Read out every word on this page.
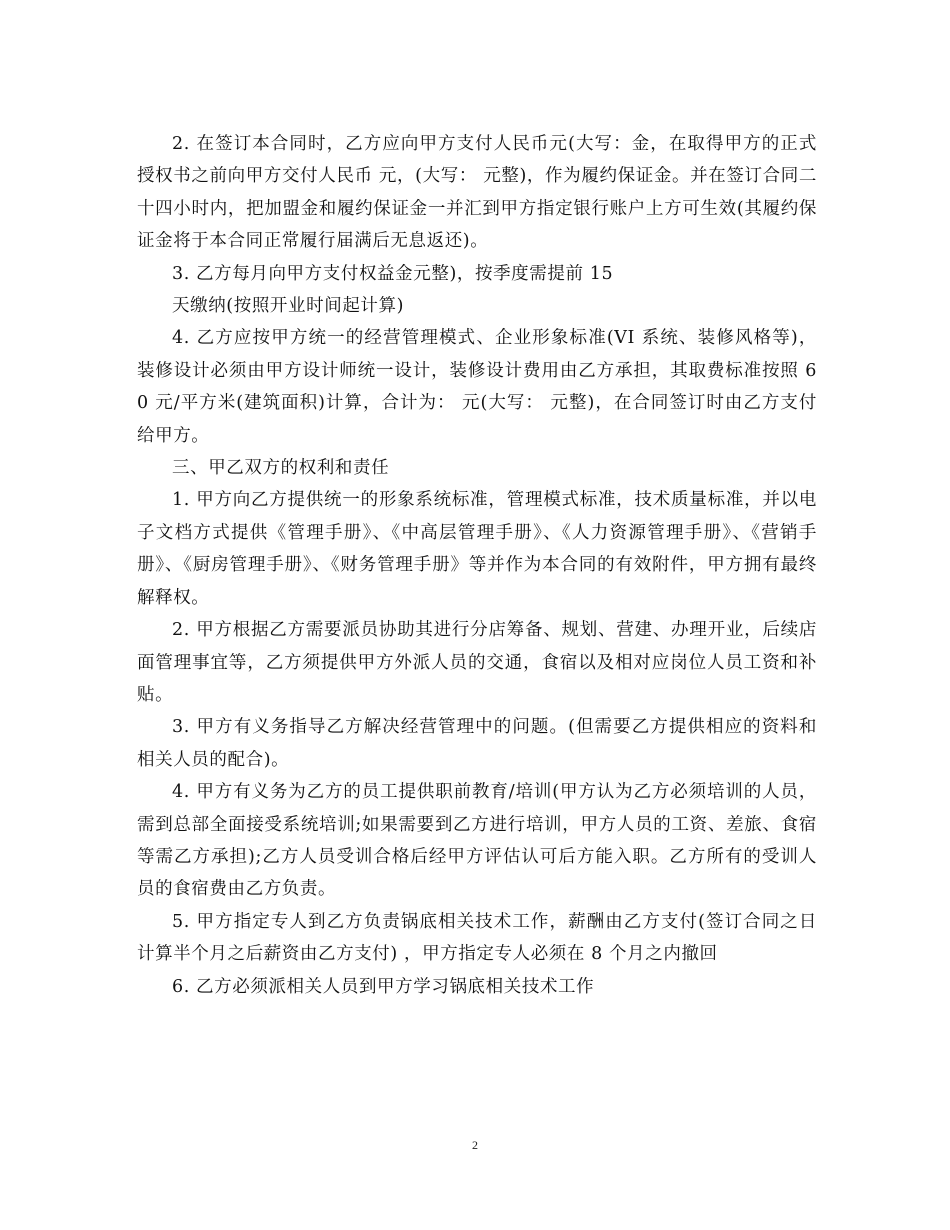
2. 在签订本合同时，乙方应向甲方支付人民币元(大写：金，在取得甲方的正式授权书之前向甲方交付人民币 元，(大写： 元整)，作为履约保证金。并在签订合同二十四小时内，把加盟金和履约保证金一并汇到甲方指定银行账户上方可生效(其履约保证金将于本合同正常履行届满后无息返还)。

3. 乙方每月向甲方支付权益金元整)，按季度需提前 15

天缴纳(按照开业时间起计算)

4. 乙方应按甲方统一的经营管理模式、企业形象标准(VI 系统、装修风格等)，装修设计必须由甲方设计师统一设计，装修设计费用由乙方承担，其取费标准按照 60 元/平方米(建筑面积)计算，合计为： 元(大写： 元整)，在合同签订时由乙方支付给甲方。

三、甲乙双方的权利和责任

1. 甲方向乙方提供统一的形象系统标准，管理模式标准，技术质量标准，并以电子文档方式提供《管理手册》、《中高层管理手册》、《人力资源管理手册》、《营销手册》、《厨房管理手册》、《财务管理手册》等并作为本合同的有效附件，甲方拥有最终解释权。

2. 甲方根据乙方需要派员协助其进行分店筹备、规划、营建、办理开业，后续店面管理事宜等，乙方须提供甲方外派人员的交通，食宿以及相对应岗位人员工资和补贴。

3. 甲方有义务指导乙方解决经营管理中的问题。(但需要乙方提供相应的资料和相关人员的配合)。

4. 甲方有义务为乙方的员工提供职前教育/培训(甲方认为乙方必须培训的人员，需到总部全面接受系统培训;如果需要到乙方进行培训，甲方人员的工资、差旅、食宿等需乙方承担);乙方人员受训合格后经甲方评估认可后方能入职。乙方所有的受训人员的食宿费由乙方负责。

5. 甲方指定专人到乙方负责锅底相关技术工作，薪酬由乙方支付(签订合同之日计算半个月之后薪资由乙方支付) ，甲方指定专人必须在 8 个月之内撤回

6. 乙方必须派相关人员到甲方学习锅底相关技术工作

2
